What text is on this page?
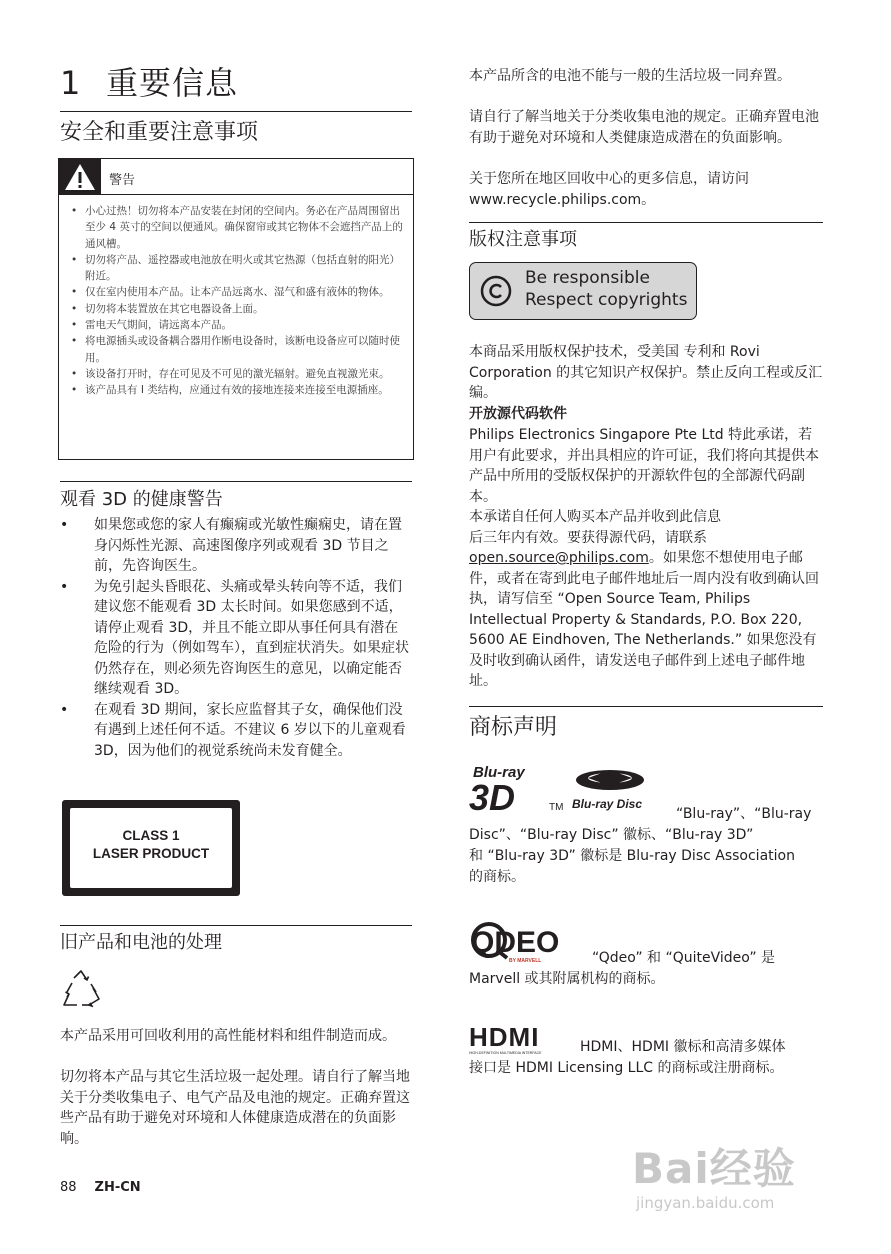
1 重要信息
安全和重要注意事项
警告
• 小心过热！切勿将本产品安装在封闭的空间内。务必在产品周围留出至少 4 英寸的空间以便通风。确保窗帘或其它物体不会遮挡产品上的通风槽。
• 切勿将产品、遥控器或电池放在明火或其它热源（包括直射的阳光）附近。
• 仅在室内使用本产品。让本产品远离水、湿气和盛有液体的物体。
• 切勿将本装置放在其它电器设备上面。
• 雷电天气期间，请远离本产品。
• 将电源插头或设备耦合器用作断电设备时，该断电设备应可以随时使用。
• 该设备打开时，存在可见及不可见的激光辐射。避免直视激光束。
• 该产品具有 I 类结构，应通过有效的接地连接来连接至电源插座。
观看 3D 的健康警告
• 如果您或您的家人有癫痫或光敏性癫痫史，请在置身闪烁性光源、高速图像序列或观看 3D 节目之前，先咨询医生。
• 为免引起头昏眼花、头痛或晕头转向等不适，我们建议您不能观看 3D 太长时间。如果您感到不适，请停止观看 3D，并且不能立即从事任何具有潜在危险的行为（例如驾车），直到症状消失。如果症状仍然存在，则必须先咨询医生的意见，以确定能否继续观看 3D。
• 在观看 3D 期间，家长应监督其子女，确保他们没有遇到上述任何不适。不建议 6 岁以下的儿童观看 3D，因为他们的视觉系统尚未发育健全。
CLASS 1
LASER PRODUCT
旧产品和电池的处理

本产品采用可回收利用的高性能材料和组件制造而成。

切勿将本产品与其它生活垃圾一起处理。请自行了解当地关于分类收集电子、电气产品及电池的规定。正确弃置这些产品有助于避免对环境和人体健康造成潜在的负面影响。

88 ZH-CN

本产品所含的电池不能与一般的生活垃圾一同弃置。

请自行了解当地关于分类收集电池的规定。正确弃置电池有助于避免对环境和人类健康造成潜在的负面影响。

关于您所在地区回收中心的更多信息，请访问 www.recycle.philips.com。

版权注意事项
Be responsible
Respect copyrights

本商品采用版权保护技术，受美国 专利和 Rovi Corporation 的其它知识产权保护。禁止反向工程或反汇编。

开放源代码软件

Philips Electronics Singapore Pte Ltd 特此承诺，若用户有此要求，并出具相应的许可证，我们将向其提供本产品中所用的受版权保护的开源软件包的全部源代码副本。

本承诺自任何人购买本产品并收到此信息
后三年内有效。要获得源代码，请联系
open.source@philips.com。如果您不想使用电子邮件，或者在寄到此电子邮件地址后一周内没有收到确认回执，请写信至 “Open Source Team, Philips Intellectual Property & Standards, P.O. Box 220, 5600 AE Eindhoven, The Netherlands.” 如果您没有及时收到确认函件，请发送电子邮件到上述电子邮件地址。

商标声明
Blu-ray
3D	TM Blu-ray Disc

“Blu-ray”、“Blu-ray

Disc”、“Blu-ray Disc” 徽标、“Blu-ray 3D”

和 “Blu-ray 3D” 徽标是 Blu-ray Disc Association

的商标。

QDEO
BY MARVELL	“Qdeo” 和 “QuiteVideo” 是

Marvell 或其附属机构的商标。

HDMI
HIGH-DEFINITION MULTIMEDIA INTERFACE	HDMI、HDMI 徽标和高清多媒体

接口是 HDMI Licensing LLC 的商标或注册商标。

Bai经验
jingyan.baidu.com
